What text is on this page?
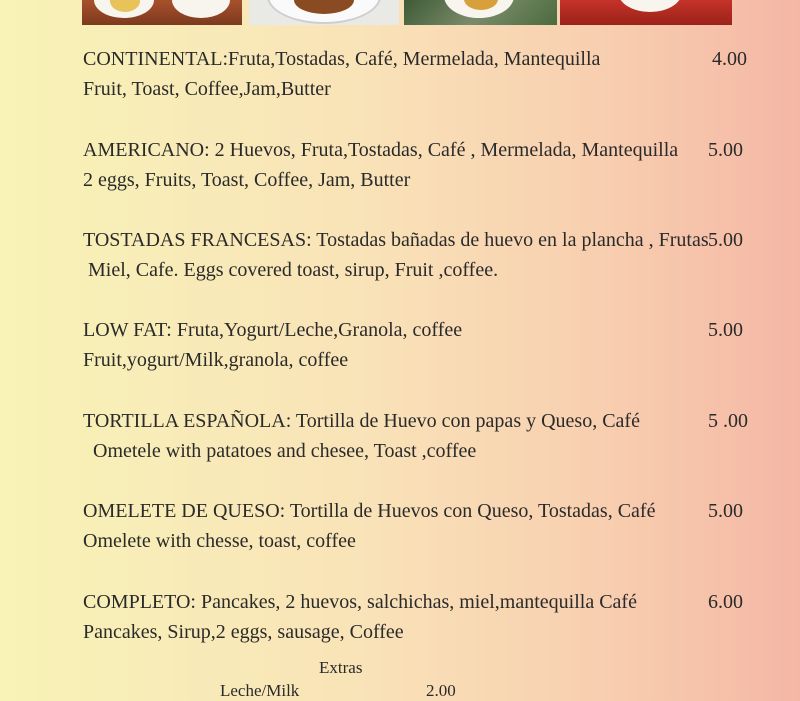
CONTINENTAL:Fruta,Tostadas, Café, Mermelada, Mantequilla
Fruit, Toast, Coffee,Jam,Butter
4.00
AMERICANO: 2 Huevos, Fruta,Tostadas, Café , Mermelada, Mantequilla
2 eggs, Fruits, Toast, Coffee, Jam, Butter
5.00
TOSTADAS FRANCESAS: Tostadas bañadas de huevo en la plancha , Frutas
Miel, Cafe. Eggs covered toast, sirup, Fruit ,coffee.
5.00
LOW FAT: Fruta,Yogurt/Leche,Granola, coffee
Fruit,yogurt/Milk,granola, coffee
5.00
TORTILLA ESPAÑOLA: Tortilla de Huevo con papas y Queso, Café
Ometele with patatoes and chesee, Toast ,coffee
5 .00
OMELETE DE QUESO: Tortilla de Huevos con Queso, Tostadas, Café
Omelete with chesse, toast, coffee
5.00
COMPLETO: Pancakes, 2 huevos, salchichas, miel,mantequilla Café
Pancakes, Sirup,2 eggs, sausage, Coffee
6.00
Extras
Leche/Milk	2.00
